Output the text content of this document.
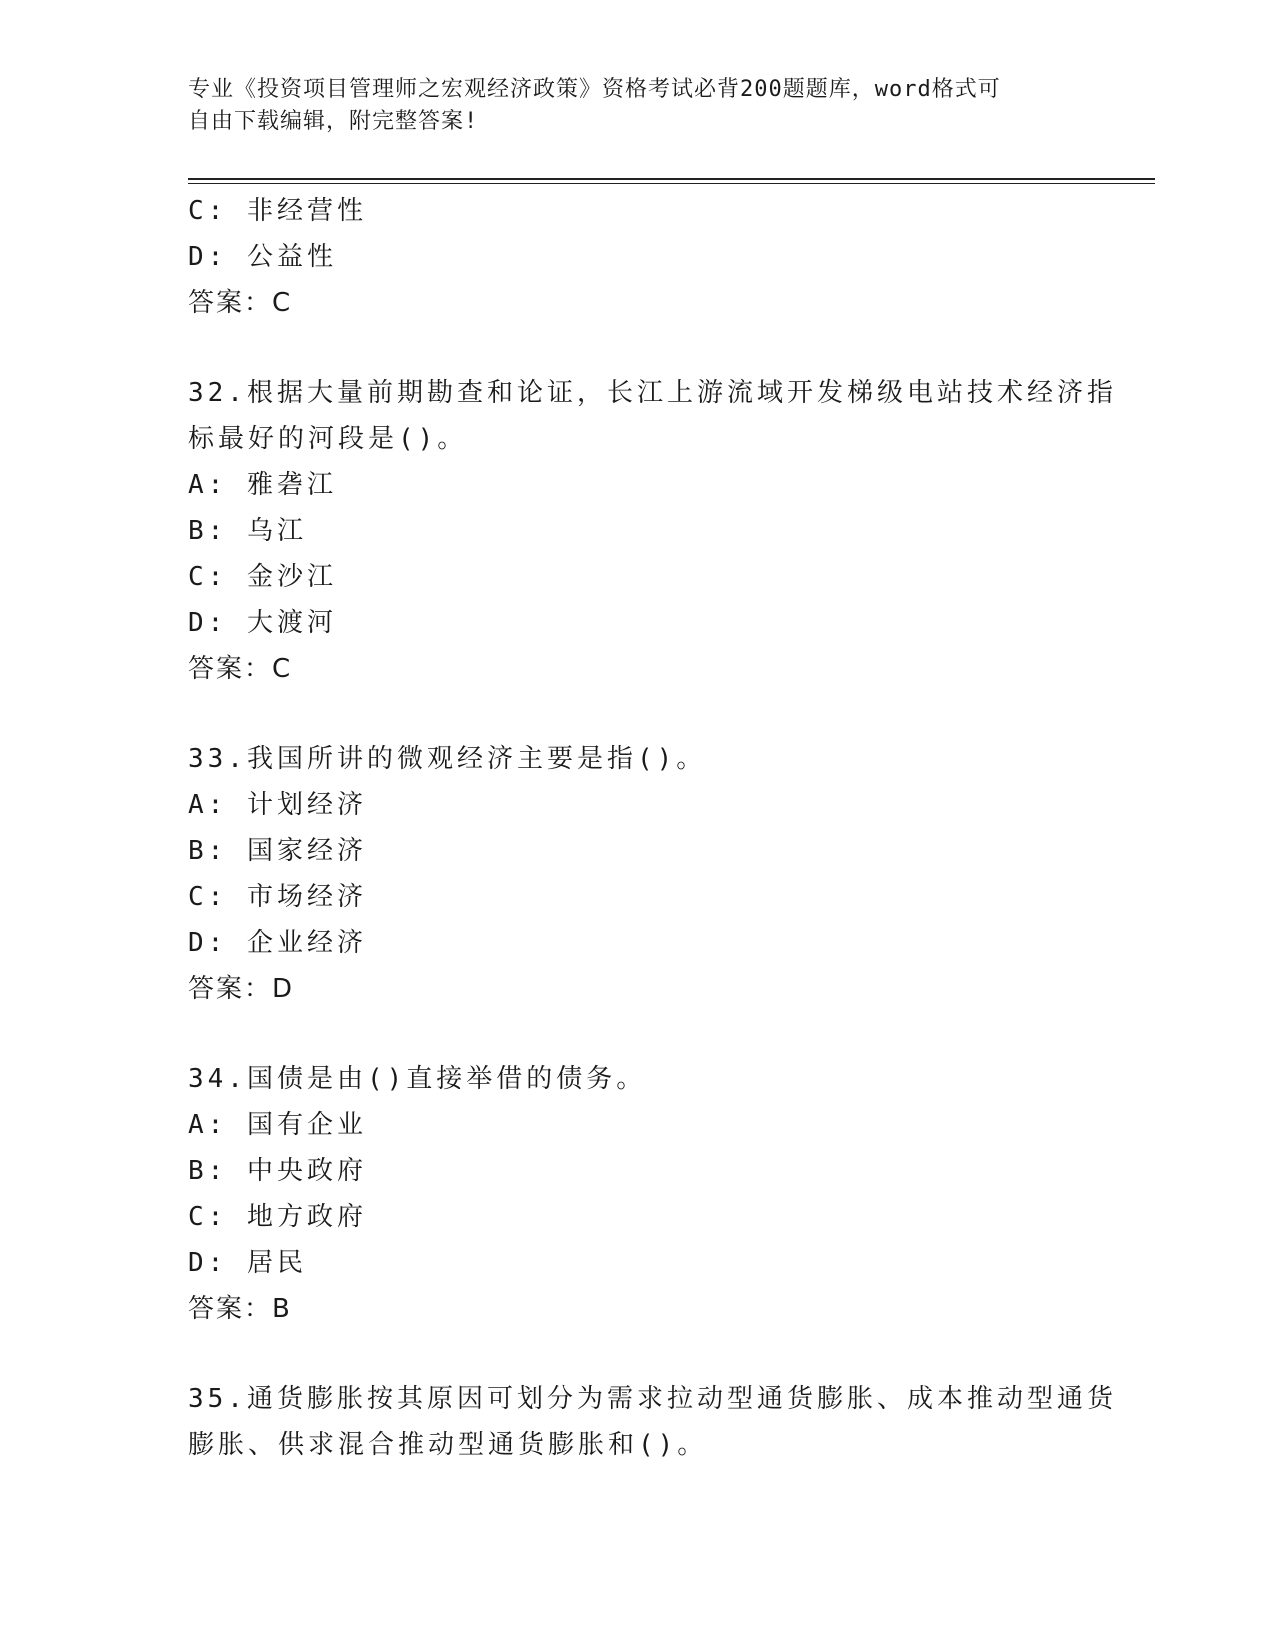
专业《投资项目管理师之宏观经济政策》资格考试必背200题题库，word格式可
自由下载编辑，附完整答案!
C: 非经营性
D: 公益性
答案：C
32.根据大量前期勘查和论证，长江上游流域开发梯级电站技术经济指
标最好的河段是()。
A: 雅砻江
B: 乌江
C: 金沙江
D: 大渡河
答案：C
33.我国所讲的微观经济主要是指()。
A: 计划经济
B: 国家经济
C: 市场经济
D: 企业经济
答案：D
34.国债是由()直接举借的债务。
A: 国有企业
B: 中央政府
C: 地方政府
D: 居民
答案：B
35.通货膨胀按其原因可划分为需求拉动型通货膨胀、成本推动型通货
膨胀、供求混合推动型通货膨胀和()。
